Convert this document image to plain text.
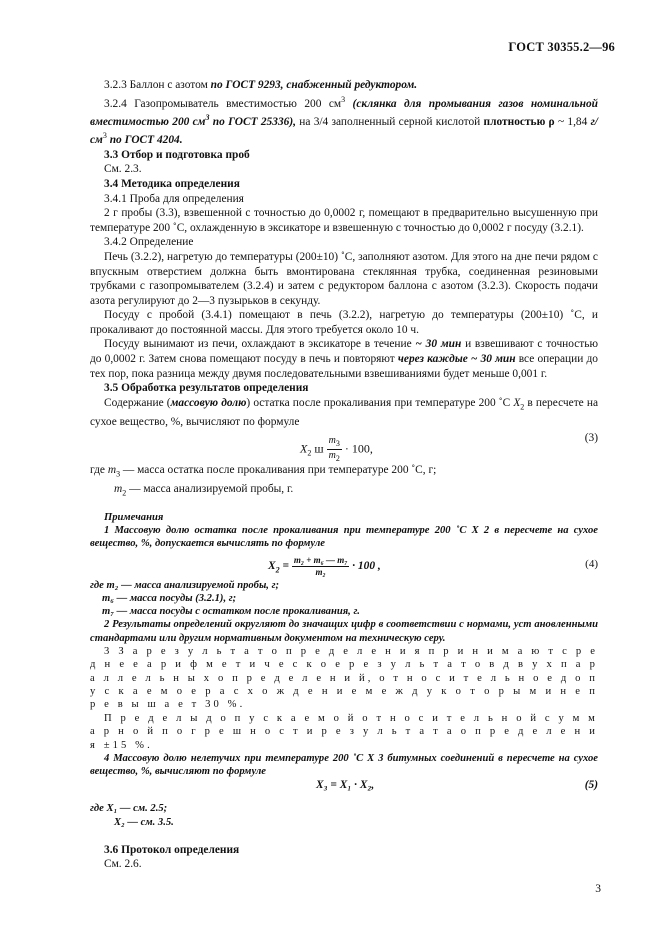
ГОСТ 30355.2—96

3.2.3 Баллон с азотом по ГОСТ 9293, снабженный редуктором.

3.2.4 Газопромыватель вместимостью 200 $см^3$ (склянка для промывания газов номинальной вместимостью 200 $см^3$ по ГОСТ 25336), на 3/4 заполненный серной кислотой плотностью ρ ~ 1,84 $г/см^3$ по ГОСТ 4204.

3.3 Отбор и подготовка проб

См. 2.3.

3.4 Методика определения

3.4.1 Проба для определения

2 г пробы (3.3), взвешенной с точностью до 0,0002 г, помещают в предварительно высушенную при температуре 200 ˚С, охлажденную в эксикаторе и взвешенную с точностью до 0,0002 г посуду (3.2.1).

3.4.2 Определение

Печь (3.2.2), нагретую до температуры (200±10) ˚С, заполняют азотом. Для этого на дне печи рядом с впускным отверстием должна быть вмонтирована стеклянная трубка, соединенная резиновыми трубками с газопромывателем (3.2.4) и затем с редуктором баллона с азотом (3.2.3). Скорость подачи азота регулируют до 2—3 пузырьков в секунду.

Посуду с пробой (3.4.1) помещают в печь (3.2.2), нагретую до температуры (200±10) ˚С, и прокаливают до постоянной массы. Для этого требуется около 10 ч.

Посуду вынимают из печи, охлаждают в эксикаторе в течение ~ 30 мин и взвешивают с точностью до 0,0002 г. Затем снова помещают посуду в печь и повторяют через каждые ~ 30 мин все операции до тех пор, пока разница между двумя последовательными взвешиваниями будет меньше 0,001 г.

3.5 Обработка результатов определения

Содержание (массовую долю) остатка после прокаливания при температуре 200 ˚С $X_2$ в пересчете на сухое вещество, %, вычисляют по формуле

$X_2$ ш $\frac{m_3}{m_2} \cdot 100$,
(3)

где $m_3$ — масса остатка после прокаливания при температуре 200 ˚С, г;

$m_2$ — масса анализируемой пробы, г.

Примечания

1 Массовую долю остатка после прокаливания при температуре 200 ˚С X 2 в пересчете на сухое вещество, %, допускается вычислять по формуле

$X_2 = \frac{\text{m₂ + m₆ — m₇}}{\text{m₂}} \cdot 100$ ,	(4)

где m₂ — масса анализируемой пробы, г;

m₆ — масса посуды (3.2.1), г;

m₇ — масса посуды с остатком после прокаливания, г.

2 Результаты определений округляют до значащих цифр в соответствии с нормами, уст ановленными стандартами или другим нормативным документом на техническую серу.

3 З а р е з у л ь т а т о п р е д е л е н и я п р и н и м а ю т с р е д н е е а р и ф м е т и ч е с к о е р е з у л ь т а т о в д в у х п а р а л л е л ь н ы х о п р е д е л е н и й, о т н о с и т е л ь н о е д о п у с к а е м о е р а с х о ж д е н и е м е ж д у к о т о р ы м и н е п р е в ы ш а е т 30 %.

П р е д е л ы д о п у с к а е м о й о т н о с и т е л ь н о й с у м м а р н о й п о г р е ш н о с т и р е з у л ь т а т а о п р е д е л е н и я ±15 %.

4 Массовую долю нелетучих при температуре 200 ˚С X 3 битумных соединений в пересчете на сухое вещество, %, вычисляют по формуле

X₃ = X₁ · X₂,	(5)

где X₁ — см. 2.5;

X₂ — см. 3.5.

3.6 Протокол определения

См. 2.6.

3
